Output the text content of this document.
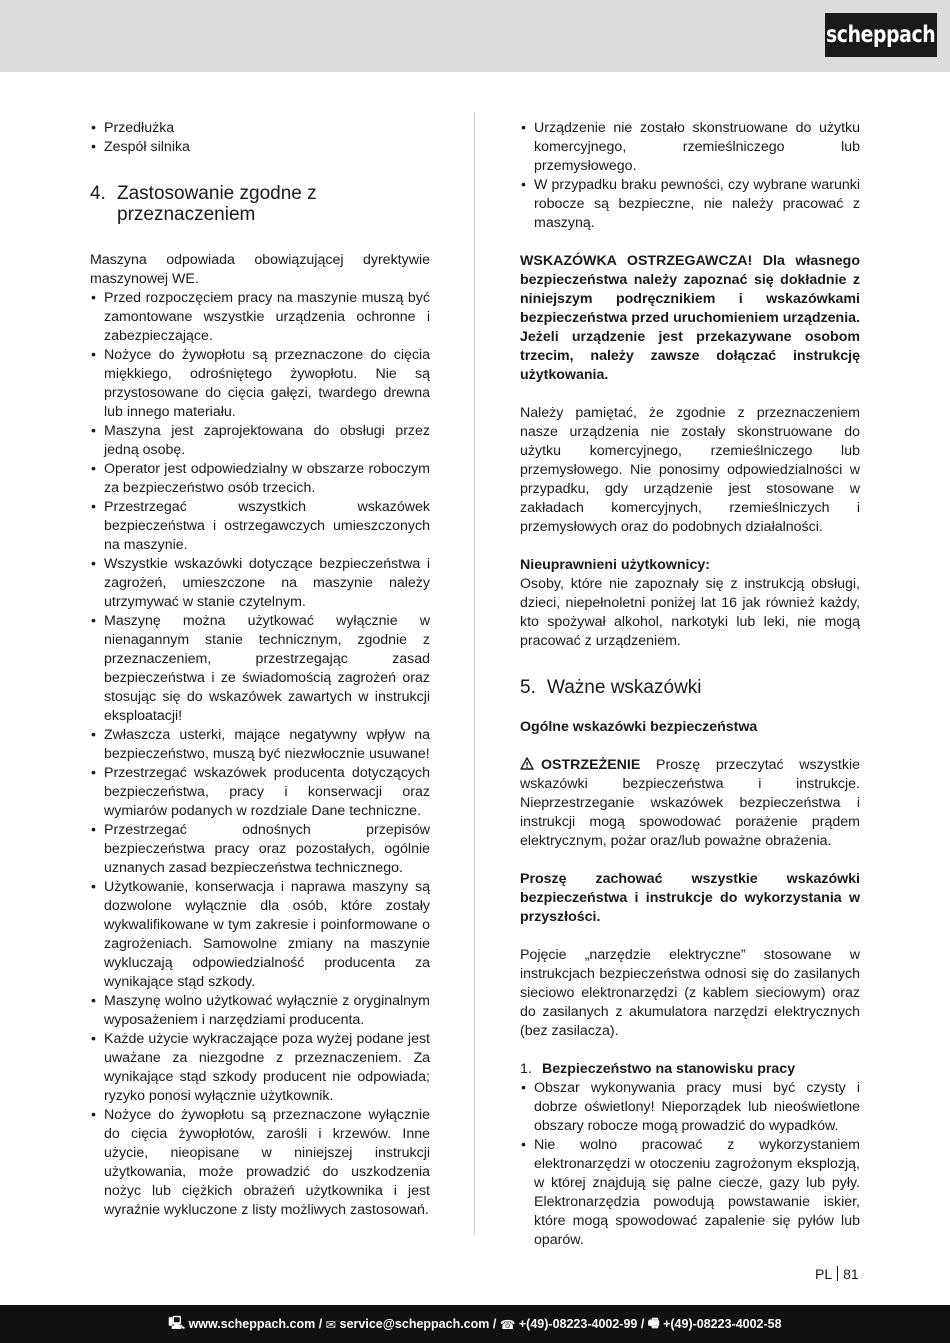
scheppach
• Przedłużka
• Zespół silnika
4. Zastosowanie zgodne z przeznaczeniem

Maszyna odpowiada obowiązującej dyrektywie maszynowej WE.

• Przed rozpoczęciem pracy na maszynie muszą być zamontowane wszystkie urządzenia ochronne i zabezpieczające.
• Nożyce do żywopłotu są przeznaczone do cięcia miękkiego, odrośniętego żywopłotu. Nie są przystosowane do cięcia gałęzi, twardego drewna lub innego materiału.
• Maszyna jest zaprojektowana do obsługi przez jedną osobę.
• Operator jest odpowiedzialny w obszarze roboczym za bezpieczeństwo osób trzecich.
• Przestrzegać wszystkich wskazówek bezpieczeństwa i ostrzegawczych umieszczonych na maszynie.
• Wszystkie wskazówki dotyczące bezpieczeństwa i zagrożeń, umieszczone na maszynie należy utrzymywać w stanie czytelnym.
• Maszynę można użytkować wyłącznie w nienagannym stanie technicznym, zgodnie z przeznaczeniem, przestrzegając zasad bezpieczeństwa i ze świadomością zagrożeń oraz stosując się do wskazówek zawartych w instrukcji eksploatacji!
• Zwłaszcza usterki, mające negatywny wpływ na bezpieczeństwo, muszą być niezwłocznie usuwane!
• Przestrzegać wskazówek producenta dotyczących bezpieczeństwa, pracy i konserwacji oraz wymiarów podanych w rozdziale Dane techniczne.
• Przestrzegać odnośnych przepisów bezpieczeństwa pracy oraz pozostałych, ogólnie uznanych zasad bezpieczeństwa technicznego.
• Użytkowanie, konserwacja i naprawa maszyny są dozwolone wyłącznie dla osób, które zostały wykwalifikowane w tym zakresie i poinformowane o zagrożeniach. Samowolne zmiany na maszynie wykluczają odpowiedzialność producenta za wynikające stąd szkody.
• Maszynę wolno użytkować wyłącznie z oryginalnym wyposażeniem i narzędziami producenta.
• Każde użycie wykraczające poza wyżej podane jest uważane za niezgodne z przeznaczeniem. Za wynikające stąd szkody producent nie odpowiada; ryzyko ponosi wyłącznie użytkownik.
• Nożyce do żywopłotu są przeznaczone wyłącznie do cięcia żywopłotów, zarośli i krzewów. Inne użycie, nieopisane w niniejszej instrukcji użytkowania, może prowadzić do uszkodzenia nożyc lub ciężkich obrażeń użytkownika i jest wyraźnie wykluczone z listy możliwych zastosowań.
• Urządzenie nie zostało skonstruowane do użytku komercyjnego, rzemieślniczego lub przemysłowego.
• W przypadku braku pewności, czy wybrane warunki robocze są bezpieczne, nie należy pracować z maszyną.

WSKAZÓWKA OSTRZEGAWCZA! Dla własnego bezpieczeństwa należy zapoznać się dokładnie z niniejszym podręcznikiem i wskazówkami bezpieczeństwa przed uruchomieniem urządzenia. Jeżeli urządzenie jest przekazywane osobom trzecim, należy zawsze dołączać instrukcję użytkowania.

Należy pamiętać, że zgodnie z przeznaczeniem nasze urządzenia nie zostały skonstruowane do użytku komercyjnego, rzemieślniczego lub przemysłowego. Nie ponosimy odpowiedzialności w przypadku, gdy urządzenie jest stosowane w zakładach komercyjnych, rzemieślniczych i przemysłowych oraz do podobnych działalności.

Nieuprawnieni użytkownicy:

Osoby, które nie zapoznały się z instrukcją obsługi, dzieci, niepełnoletni poniżej lat 16 jak również każdy, kto spożywał alkohol, narkotyki lub leki, nie mogą pracować z urządzeniem.

5. Ważne wskazówki

Ogólne wskazówki bezpieczeństwa

OSTRZEŻENIE Proszę przeczytać wszystkie wskazówki bezpieczeństwa i instrukcje. Nieprzestrzeganie wskazówek bezpieczeństwa i instrukcji mogą spowodować porażenie prądem elektrycznym, pożar oraz/lub poważne obrażenia.

Proszę zachować wszystkie wskazówki bezpieczeństwa i instrukcje do wykorzystania w przyszłości.

Pojęcie „narzędzie elektryczne” stosowane w instrukcjach bezpieczeństwa odnosi się do zasilanych sieciowo elektronarzędzi (z kablem sieciowym) oraz do zasilanych z akumulatora narzędzi elektrycznych (bez zasilacza).

1. Bezpieczeństwo na stanowisku pracy
• Obszar wykonywania pracy musi być czysty i dobrze oświetlony! Nieporządek lub nieoświetlone obszary robocze mogą prowadzić do wypadków.
• Nie wolno pracować z wykorzystaniem elektronarzędzi w otoczeniu zagrożonym eksplozją, w której znajdują się palne ciecze, gazy lub pyły. Elektronarzędzia powodują powstawanie iskier, które mogą spowodować zapalenie się pyłów lub oparów.
PL 81
🖳 www.scheppach.com /
✉ service@scheppach.com /
☎ +(49)-08223-4002-99 /
🖷 +(49)-08223-4002-58
